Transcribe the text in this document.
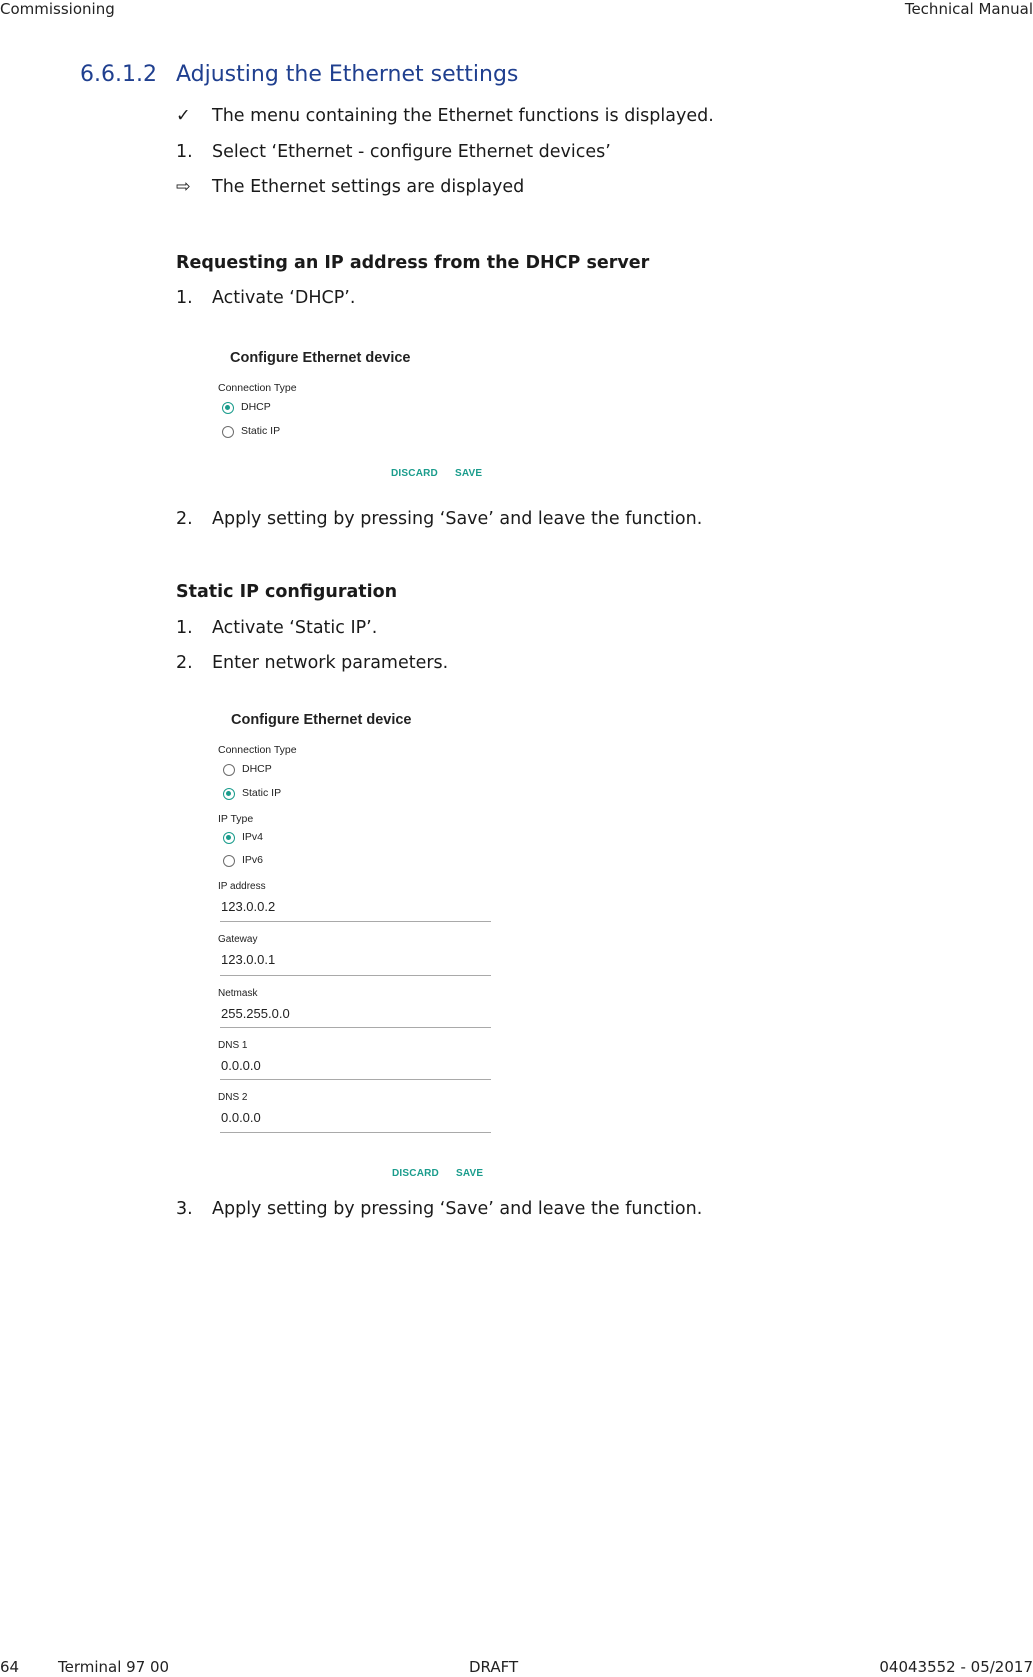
Commissioning	Technical Manual
6.6.1.2 Adjusting the Ethernet settings
✓ The menu containing the Ethernet functions is displayed.
1. Select ‘Ethernet - configure Ethernet devices’
⇨ The Ethernet settings are displayed
Requesting an IP address from the DHCP server
1. Activate ‘DHCP’.
Configure Ethernet device
Connection Type
DHCP
Static IP
DISCARD SAVE
2. Apply setting by pressing ‘Save’ and leave the function.
Static IP configuration
1. Activate ‘Static IP’.
2. Enter network parameters.
Configure Ethernet device
Connection Type
DHCP
Static IP
IP Type
IPv4
IPv6
IP address
123.0.0.2
Gateway
123.0.0.1
Netmask
255.255.0.0
DNS 1
0.0.0.0
DNS 2
0.0.0.0
DISCARD SAVE
3. Apply setting by pressing ‘Save’ and leave the function.
64	Terminal 97 00	DRAFT	04043552 - 05/2017
